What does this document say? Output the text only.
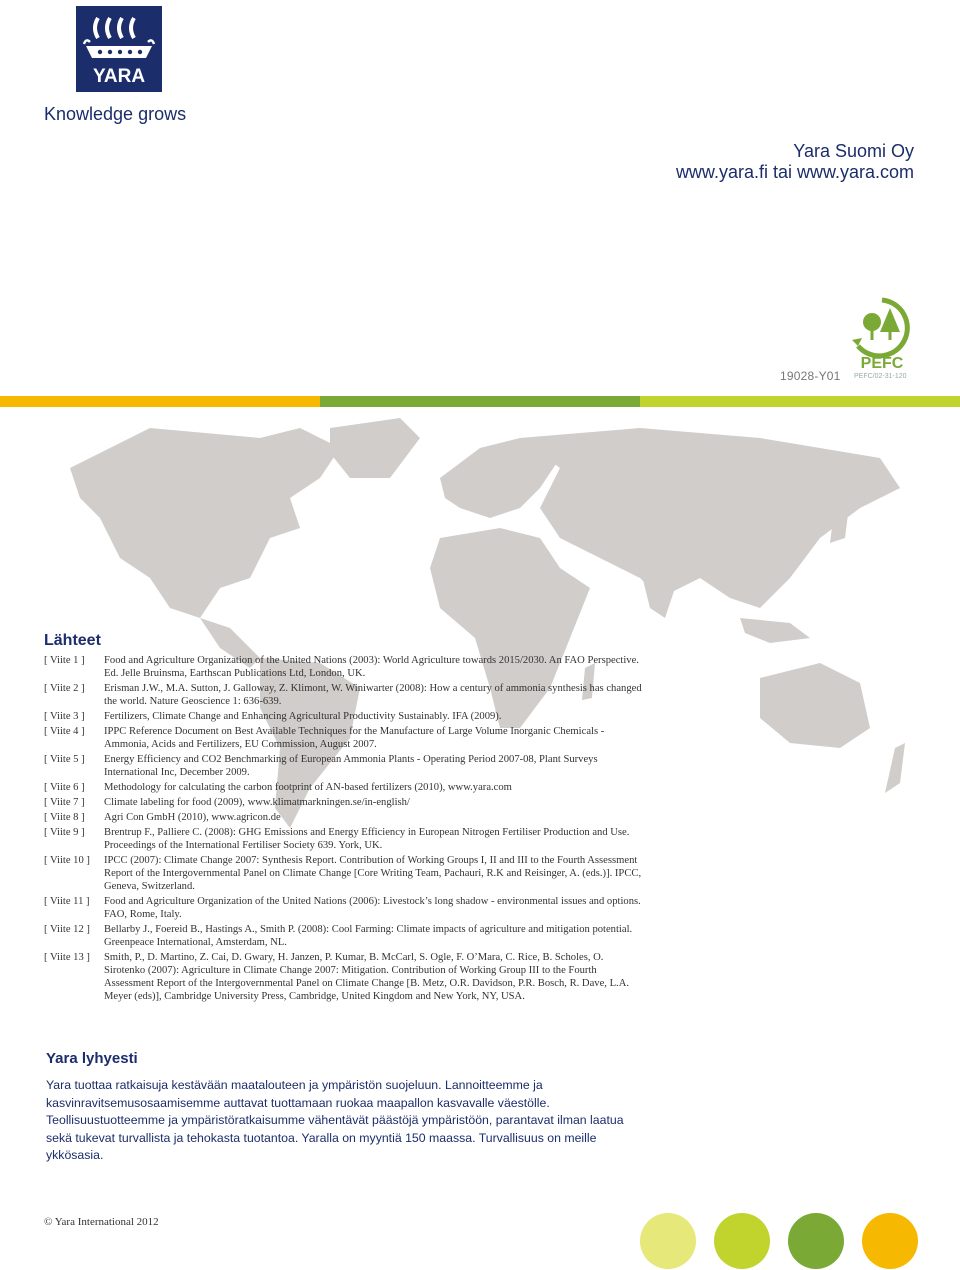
YARA
Knowledge grows
Yara Suomi Oy
www.yara.fi tai www.yara.com
PEFC
19028-Y01 PEFC/02-31-120
Lähteet
[ Viite 1 ]	Food and Agriculture Organization of the United Nations (2003): World Agriculture towards 2015/2030. An FAO Perspective. Ed. Jelle Bruinsma, Earthscan Publications Ltd, London, UK.
[ Viite 2 ]	Erisman J.W., M.A. Sutton, J. Galloway, Z. Klimont, W. Winiwarter (2008): How a century of ammonia synthesis has changed the world. Nature Geoscience 1: 636-639.
[ Viite 3 ]	Fertilizers, Climate Change and Enhancing Agricultural Productivity Sustainably. IFA (2009).
[ Viite 4 ]	IPPC Reference Document on Best Available Techniques for the Manufacture of Large Volume Inorganic Chemicals - Ammonia, Acids and Fertilizers, EU Commission, August 2007.
[ Viite 5 ]	Energy Efficiency and CO2 Benchmarking of European Ammonia Plants - Operating Period 2007-08, Plant Surveys International Inc, December 2009.
[ Viite 6 ]	Methodology for calculating the carbon footprint of AN-based fertilizers (2010), www.yara.com
[ Viite 7 ]	Climate labeling for food (2009), www.klimatmarkningen.se/in-english/
[ Viite 8 ]	Agri Con GmbH (2010), www.agricon.de
[ Viite 9 ]	Brentrup F., Palliere C. (2008): GHG Emissions and Energy Efficiency in European Nitrogen Fertiliser Production and Use. Proceedings of the International Fertiliser Society 639. York, UK.
[ Viite 10 ]	IPCC (2007): Climate Change 2007: Synthesis Report. Contribution of Working Groups I, II and III to the Fourth Assessment Report of the Intergovernmental Panel on Climate Change [Core Writing Team, Pachauri, R.K and Reisinger, A. (eds.)]. IPCC, Geneva, Switzerland.
[ Viite 11 ]	Food and Agriculture Organization of the United Nations (2006): Livestock’s long shadow - environmental issues and options. FAO, Rome, Italy.
[ Viite 12 ]	Bellarby J., Foereid B., Hastings A., Smith P. (2008): Cool Farming: Climate impacts of agriculture and mitigation potential. Greenpeace International, Amsterdam, NL.
[ Viite 13 ]	Smith, P., D. Martino, Z. Cai, D. Gwary, H. Janzen, P. Kumar, B. McCarl, S. Ogle, F. O’Mara, C. Rice, B. Scholes, O. Sirotenko (2007): Agriculture in Climate Change 2007: Mitigation. Contribution of Working Group III to the Fourth Assessment Report of the Intergovernmental Panel on Climate Change [B. Metz, O.R. Davidson, P.R. Bosch, R. Dave, L.A. Meyer (eds)], Cambridge University Press, Cambridge, United Kingdom and New York, NY, USA.
Yara lyhyesti

Yara tuottaa ratkaisuja kestävään maatalouteen ja ympäristön suojeluun. Lannoitteemme ja kasvinravitsemusosaamisemme auttavat tuottamaan ruokaa maapallon kasvavalle väestölle. Teollisuustuotteemme ja ympäristöratkaisumme vähentävät päästöjä ympäristöön, parantavat ilman laatua sekä tukevat turvallista ja tehokasta tuotantoa. Yaralla on myyntiä 150 maassa. Turvallisuus on meille ykkösasia.

© Yara International 2012
